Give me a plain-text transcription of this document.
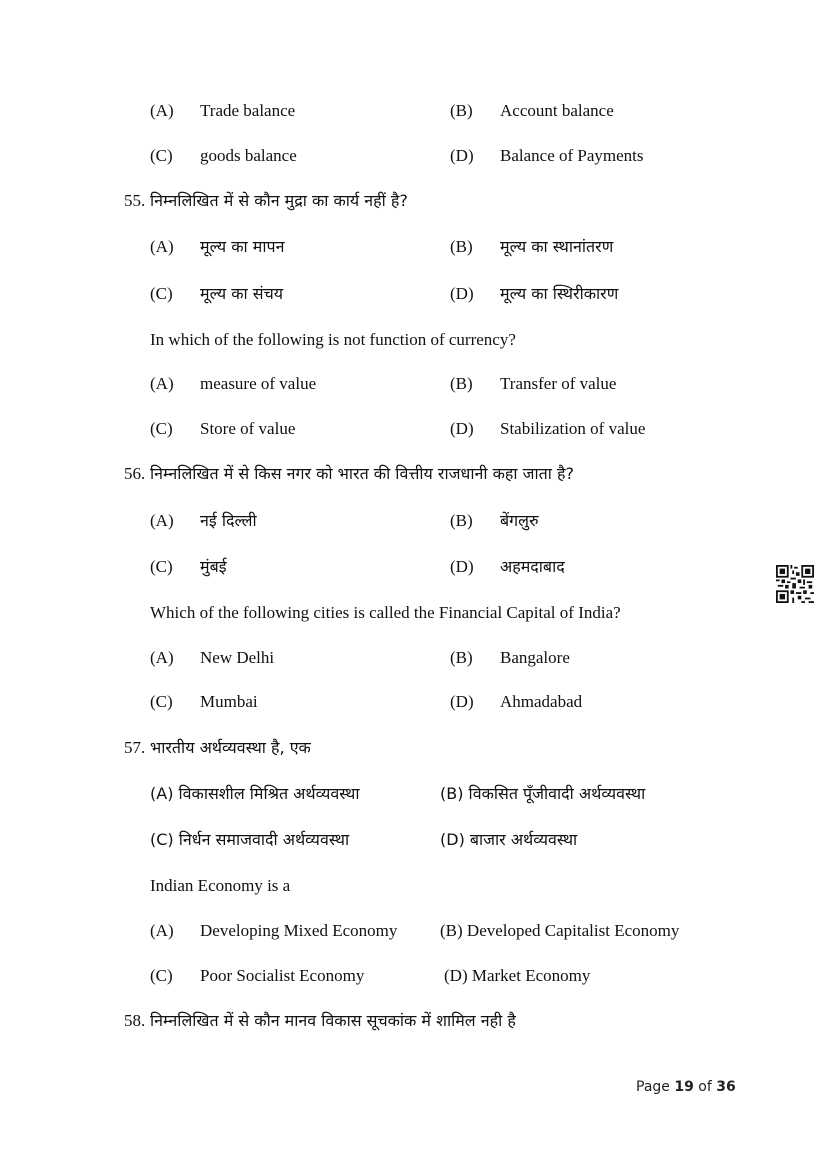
(A) Trade balance	(B) Account balance
(C) goods balance	(D) Balance of Payments
55. निम्नलिखित में से कौन मुद्रा का कार्य नहीं है?
(A) मूल्य का मापन	(B) मूल्य का स्थानांतरण
(C) मूल्य का संचय	(D) मूल्य का स्थिरीकारण
In which of the following is not function of currency?
(A) measure of value	(B) Transfer of value
(C) Store of value	(D) Stabilization of value
56. निम्नलिखित में से किस नगर को भारत की वित्तीय राजधानी कहा जाता है?
(A) नई दिल्ली	(B) बेंगलुरु
(C) मुंबई	(D) अहमदाबाद
Which of the following cities is called the Financial Capital of India?
(A) New Delhi	(B) Bangalore
(C) Mumbai	(D) Ahmadabad
57. भारतीय अर्थव्यवस्था है, एक
(A) विकासशील मिश्रित अर्थव्यवस्था	(B) विकसित पूँजीवादी अर्थव्यवस्था
(C) निर्धन समाजवादी अर्थव्यवस्था	(D) बाजार अर्थव्यवस्था
Indian Economy is a
(A) Developing Mixed Economy	(B) Developed Capitalist Economy
(C) Poor Socialist Economy	(D) Market Economy
58. निम्नलिखित में से कौन मानव विकास सूचकांक में शामिल नही है
Page 19 of 36
